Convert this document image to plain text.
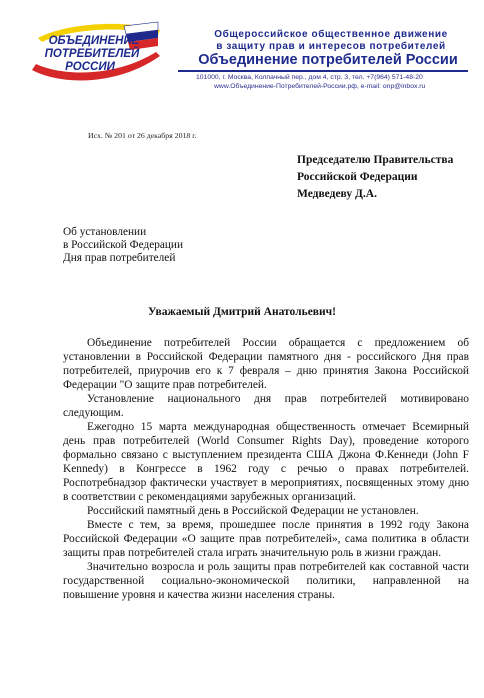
ОБЪЕДИНЕНИЕ
ПОТРЕБИТЕЛЕЙ
РОССИИ
Общероссийское общественное движение
в защиту прав и интересов потребителей
Объединение потребителей России
101000, г. Москва, Колпачный пер., дом 4, стр. 3, тел. +7(964) 571-48-20
www.Объединение-Потребителей-России.рф, e-mail: onp@inbox.ru
Исх. № 201 от 26 декабря 2018 г.
Председателю Правительства
Российской Федерации
Медведеву Д.А.
Об установлении
в Российской Федерации
Дня прав потребителей
Уважаемый Дмитрий Анатольевич!

Объединение потребителей России обращается с предложением об установлении в Российской Федерации памятного дня - российского Дня прав потребителей, приурочив его к 7 февраля – дню принятия Закона Российской Федерации "О защите прав потребителей.

Установление национального дня прав потребителей мотивировано следующим.

Ежегодно 15 марта международная общественность отмечает Всемирный день прав потребителей (World Consumer Rights Day), проведение которого формально связано с выступлением президента США Джона Ф.Кеннеди (John F Kennedy) в Конгрессе в 1962 году с речью о правах потребителей. Роспотребнадзор фактически участвует в мероприятиях, посвященных этому дню в соответствии с рекомендациями зарубежных организаций.

Российский памятный день в Российской Федерации не установлен.

Вместе с тем, за время, прошедшее после принятия в 1992 году Закона Российской Федерации «О защите прав потребителей», сама политика в области защиты прав потребителей стала играть значительную роль в жизни граждан.

Значительно возросла и роль защиты прав потребителей как составной части государственной социально-экономической политики, направленной на повышение уровня и качества жизни населения страны.
